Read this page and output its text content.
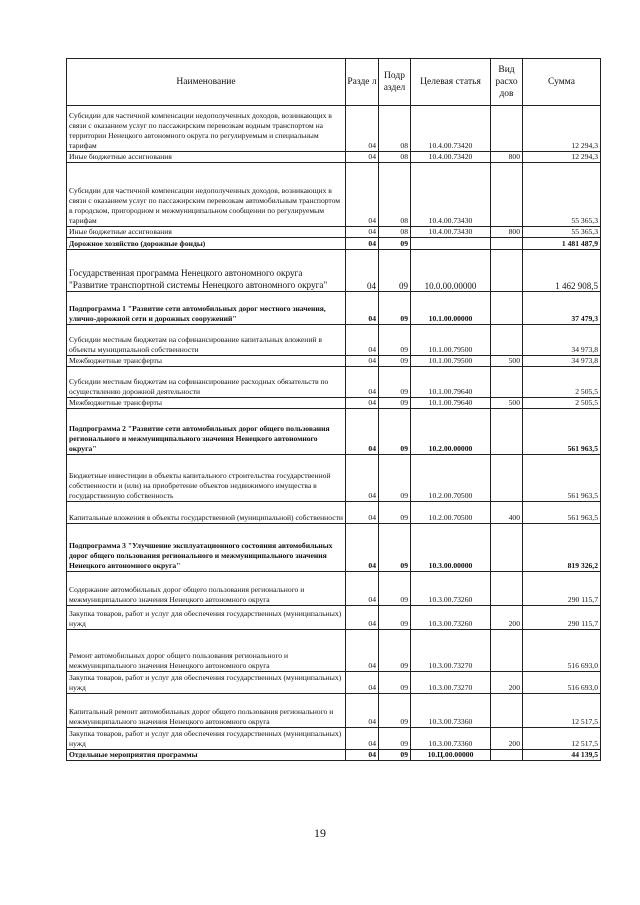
Наименование	Разде л	Подр аздел	Целевая статья	Вид расхо дов	Сумма
Субсидии для частичной компенсации недополученных доходов, возникающих в связи с оказанием услуг по пассажирским перевозкам водным транспортом на территории Ненецкого автономного округа по регулируемым и специальным тарифам	04	08	10.4.00.73420		12 294,3
Иные бюджетные ассигнования	04	08	10.4.00.73420	800	12 294,3
Субсидии для частичной компенсации недополученных доходов, возникающих в связи с оказанием услуг по пассажирским перевозкам автомобильным транспортом в городском, пригородном и межмуниципальном сообщении по регулируемым тарифам	04	08	10.4.00.73430		55 365,3
Иные бюджетные ассигнования	04	08	10.4.00.73430	800	55 365,3
Дорожное хозяйство (дорожные фонды)	04	09			1 481 487,9
Государственная программа Ненецкого автономного округа "Развитие транспортной системы Ненецкого автономного округа"	04	09	10.0.00.00000		1 462 908,5
Подпрограмма 1 "Развитие сети автомобильных дорог местного значения, улично-дорожной сети и дорожных сооружений"	04	09	10.1.00.00000		37 479,3
Субсидии местным бюджетам на софинансирование капитальных вложений в объекты муниципальной собственности	04	09	10.1.00.79500		34 973,8
Межбюджетные трансферты	04	09	10.1.00.79500	500	34 973,8
Субсидии местным бюджетам на софинансирование расходных обязательств по осуществлению дорожной деятельности	04	09	10.1.00.79640		2 505,5
Межбюджетные трансферты	04	09	10.1.00.79640	500	2 505,5
Подпрограмма 2 "Развитие сети автомобильных дорог общего пользования регионального и межмуниципального значения Ненецкого автономного округа"	04	09	10.2.00.00000		561 963,5
Бюджетные инвестиции в объекты капитального строительства государственной собственности и (или) на приобретение объектов недвижимого имущества в государственную собственность	04	09	10.2.00.70500		561 963,5
Капитальные вложения в объекты государственной (муниципальной) собственности	04	09	10.2.00.70500	400	561 963,5
Подпрограмма 3 "Улучшение эксплуатационного состояния автомобильных дорог общего пользования регионального и межмуниципального значения Ненецкого автономного округа"	04	09	10.3.00.00000		819 326,2
Содержание автомобильных дорог общего пользования регионального и межмуниципального значения Ненецкого автономного округа	04	09	10.3.00.73260		290 115,7
Закупка товаров, работ и услуг для обеспечения государственных (муниципальных) нужд	04	09	10.3.00.73260	200	290 115,7
Ремонт автомобильных дорог общего пользования регионального и межмуниципального значения Ненецкого автономного округа	04	09	10.3.00.73270		516 693,0
Закупка товаров, работ и услуг для обеспечения государственных (муниципальных) нужд	04	09	10.3.00.73270	200	516 693,0
Капитальный ремонт автомобильных дорог общего пользования регионального и межмуниципального значения Ненецкого автономного округа	04	09	10.3.00.73360		12 517,5
Закупка товаров, работ и услуг для обеспечения государственных (муниципальных) нужд	04	09	10.3.00.73360	200	12 517,5
Отдельные мероприятия программы	04	09	10.Ц.00.00000		44 139,5
19
